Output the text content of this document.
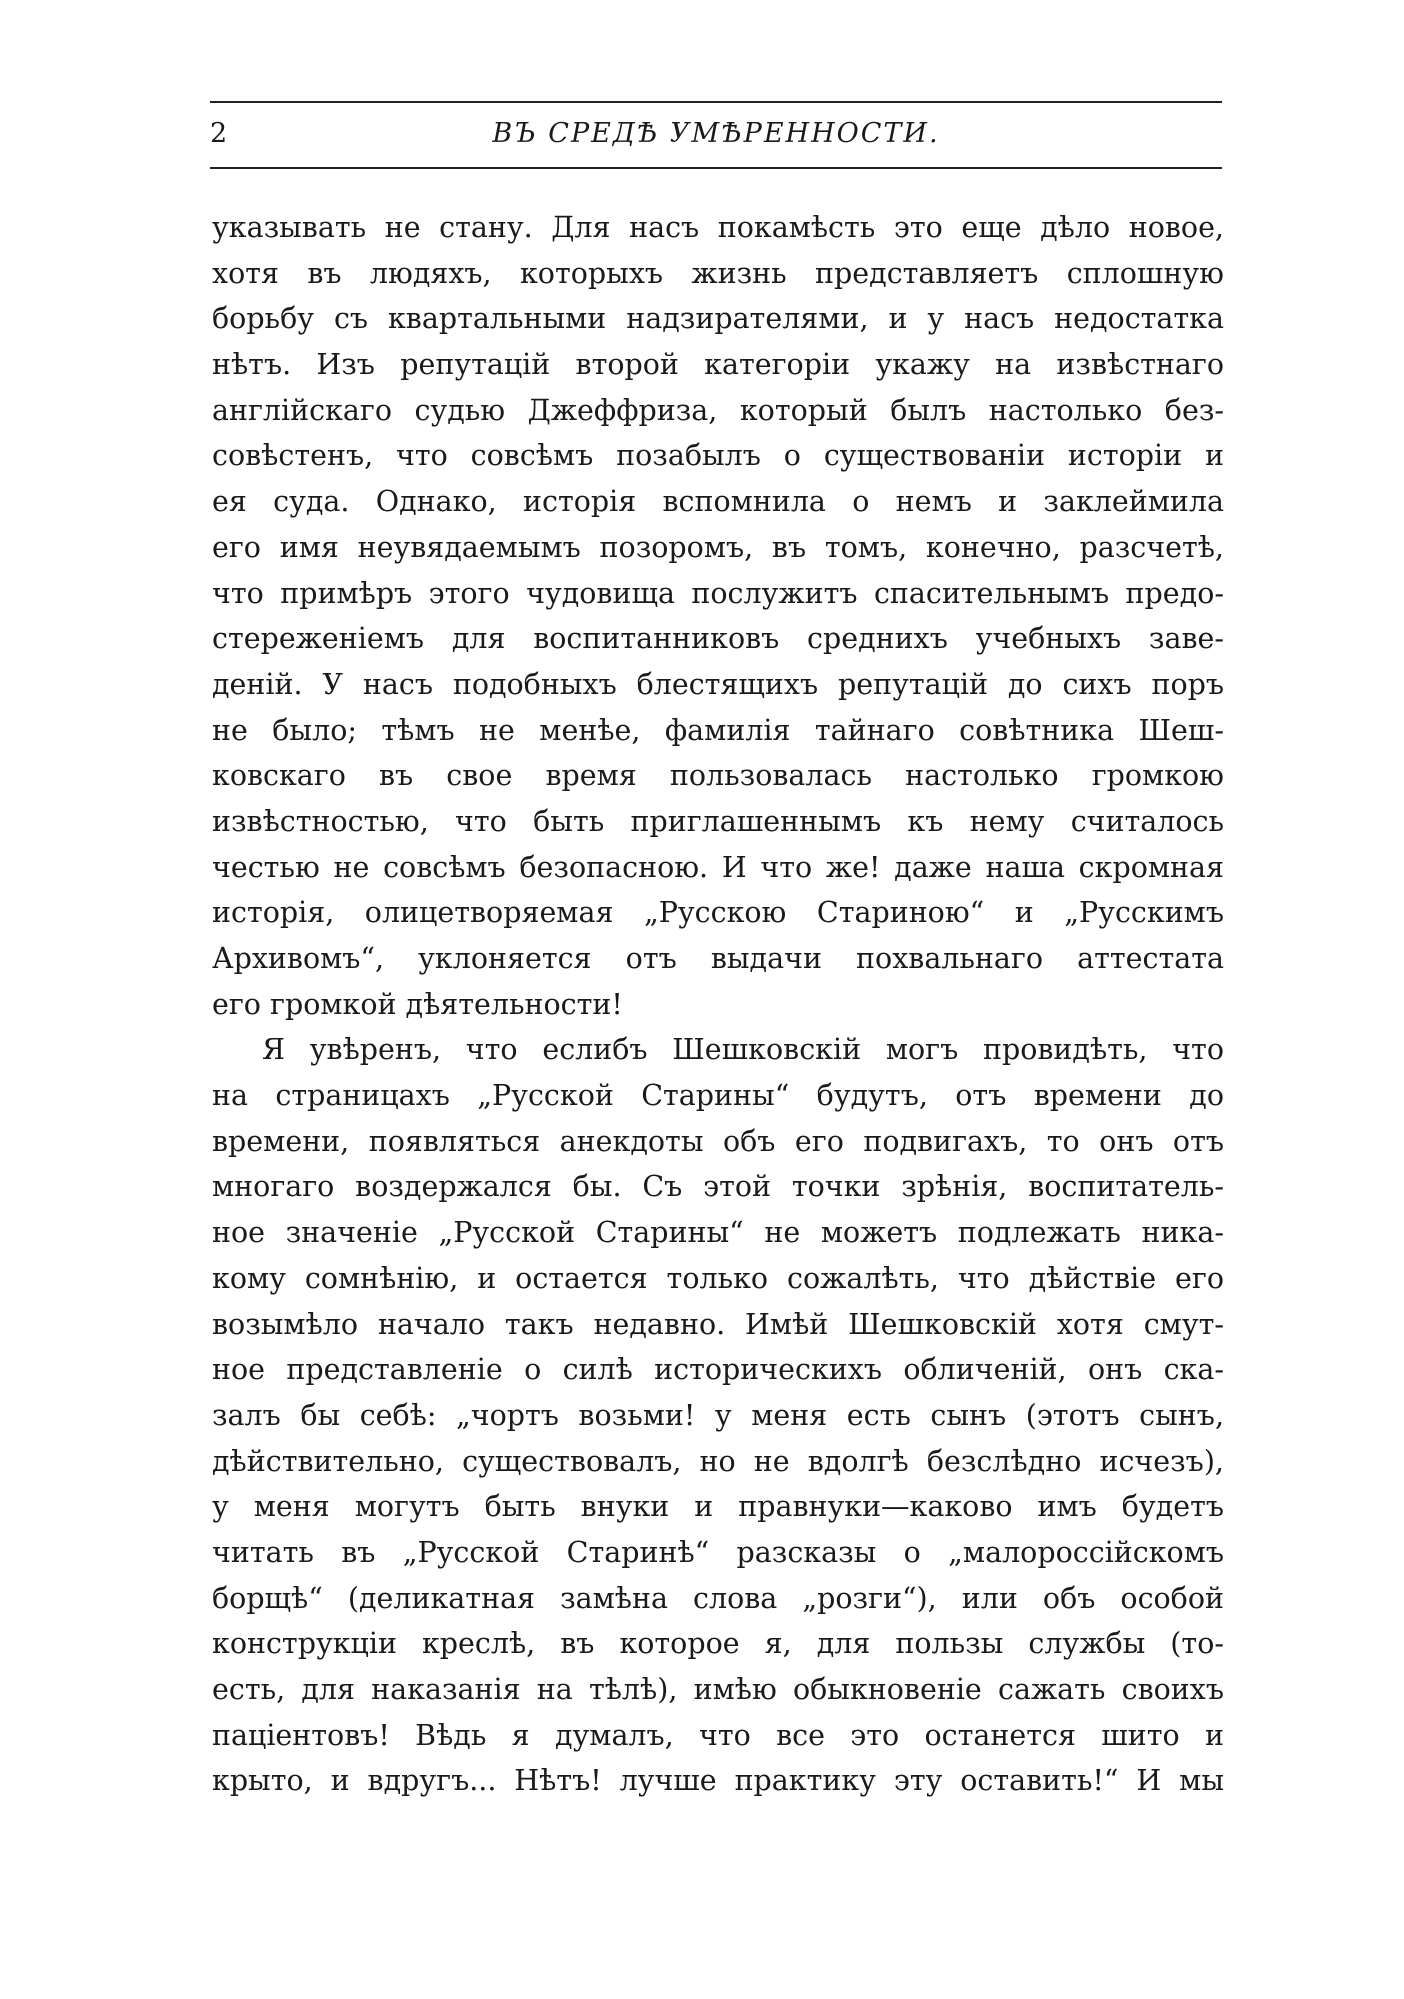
2	ВЪ СРЕДѢ УМѢРЕННОСТИ.
указывать не стану. Для насъ покамѣсть это еще дѣло новое,
хотя въ людяхъ, которыхъ жизнь представляетъ сплошную
борьбу съ квартальными надзирателями, и у насъ недостатка
нѣтъ. Изъ репутацій второй категоріи укажу на извѣстнаго
англійскаго судью Джеффриза, который былъ настолько без-
совѣстенъ, что совсѣмъ позабылъ о существованіи исторіи и
ея суда. Однако, исторія вспомнила о немъ и заклеймила
его имя неувядаемымъ позоромъ, въ томъ, конечно, разсчетѣ,
что примѣръ этого чудовища послужитъ спасительнымъ предо-
стереженіемъ для воспитанниковъ среднихъ учебныхъ заве-
деній. У насъ подобныхъ блестящихъ репутацій до сихъ поръ
не было; тѣмъ не менѣе, фамилія тайнаго совѣтника Шеш-
ковскаго въ свое время пользовалась настолько громкою
извѣстностью, что быть приглашеннымъ къ нему считалось
честью не совсѣмъ безопасною. И что же! даже наша скромная
исторія, олицетворяемая „Русскою Стариною“ и „Русскимъ
Архивомъ“, уклоняется отъ выдачи похвальнаго аттестата
его громкой дѣятельности!
Я увѣренъ, что еслибъ Шешковскій могъ провидѣть, что
на страницахъ „Русской Старины“ будутъ, отъ времени до
времени, появляться анекдоты объ его подвигахъ, то онъ отъ
многаго воздержался бы. Съ этой точки зрѣнія, воспитатель-
ное значеніе „Русской Старины“ не можетъ подлежать ника-
кому сомнѣнію, и остается только сожалѣть, что дѣйствіе его
возымѣло начало такъ недавно. Имѣй Шешковскій хотя смут-
ное представленіе о силѣ историческихъ обличеній, онъ ска-
залъ бы себѣ: „чортъ возьми! у меня есть сынъ (этотъ сынъ,
дѣйствительно, существовалъ, но не вдолгѣ безслѣдно исчезъ),
у меня могутъ быть внуки и правнуки—каково имъ будетъ
читать въ „Русской Старинѣ“ разсказы о „малороссійскомъ
борщѣ“ (деликатная замѣна слова „розги“), или объ особой
конструкціи креслѣ, въ которое я, для пользы службы (то-
есть, для наказанія на тѣлѣ), имѣю обыкновеніе сажать своихъ
паціентовъ! Вѣдь я думалъ, что все это останется шито и
крыто, и вдругъ... Нѣтъ! лучше практику эту оставить!“ И мы
